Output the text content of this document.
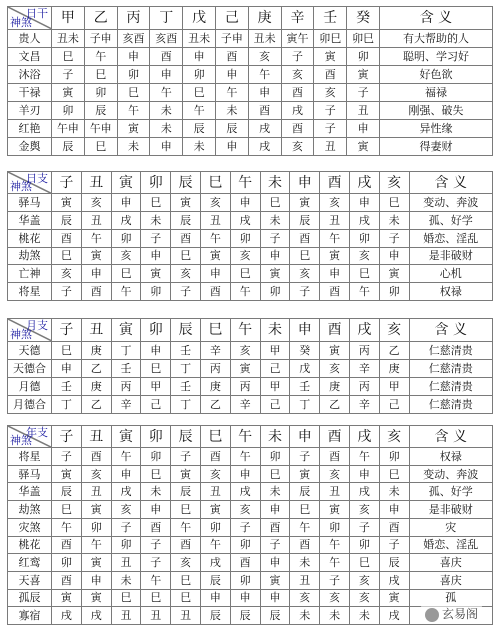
日干
神煞	甲	乙	丙	丁	戊	己	庚	辛	壬	癸	含 义
贵人	丑未	子申	亥酉	亥酉	丑未	子申	丑未	寅午	卯巳	卯巳	有大帮助的人
文昌	巳	午	申	酉	申	酉	亥	子	寅	卯	聪明、学习好
沐浴	子	巳	卯	申	卯	申	午	亥	酉	寅	好色欲
干禄	寅	卯	巳	午	巳	午	申	酉	亥	子	福禄
羊刃	卯	辰	午	未	午	未	酉	戌	子	丑	刚强、破失
红艳	午申	午申	寅	未	辰	辰	戌	酉	子	申	异性缘
金舆	辰	巳	未	申	未	申	戌	亥	丑	寅	得妻财
日支
神煞	子	丑	寅	卯	辰	巳	午	未	申	酉	戌	亥	含 义
驿马	寅	亥	申	巳	寅	亥	申	巳	寅	亥	申	巳	变动、奔波
华盖	辰	丑	戌	未	辰	丑	戌	未	辰	丑	戌	未	孤、好学
桃花	酉	午	卯	子	酉	午	卯	子	酉	午	卯	子	婚恋、淫乱
劫煞	巳	寅	亥	申	巳	寅	亥	申	巳	寅	亥	申	是非破财
亡神	亥	申	巳	寅	亥	申	巳	寅	亥	申	巳	寅	心机
将星	子	酉	午	卯	子	酉	午	卯	子	酉	午	卯	权禄
月支
神煞	子	丑	寅	卯	辰	巳	午	未	申	酉	戌	亥	含 义
天德	巳	庚	丁	申	壬	辛	亥	甲	癸	寅	丙	乙	仁慈清贵
天德合	申	乙	壬	巳	丁	丙	寅	己	戊	亥	辛	庚	仁慈清贵
月德	壬	庚	丙	甲	壬	庚	丙	甲	壬	庚	丙	甲	仁慈清贵
月德合	丁	乙	辛	己	丁	乙	辛	己	丁	乙	辛	己	仁慈清贵
年支
神煞	子	丑	寅	卯	辰	巳	午	未	申	酉	戌	亥	含 义
将星	子	酉	午	卯	子	酉	午	卯	子	酉	午	卯	权禄
驿马	寅	亥	申	巳	寅	亥	申	巳	寅	亥	申	巳	变动、奔波
华盖	辰	丑	戌	未	辰	丑	戌	未	辰	丑	戌	未	孤、好学
劫煞	巳	寅	亥	申	巳	寅	亥	申	巳	寅	亥	申	是非破财
灾煞	午	卯	子	酉	午	卯	子	酉	午	卯	子	酉	灾
桃花	酉	午	卯	子	酉	午	卯	子	酉	午	卯	子	婚恋、淫乱
红鸾	卯	寅	丑	子	亥	戌	酉	申	未	午	巳	辰	喜庆
天喜	酉	申	未	午	巳	辰	卯	寅	丑	子	亥	戌	喜庆
孤辰	寅	寅	巳	巳	巳	申	申	申	亥	亥	亥	寅	孤
寡宿	戌	戌	丑	丑	丑	辰	辰	辰	未	未	未	戌		玄易阁
